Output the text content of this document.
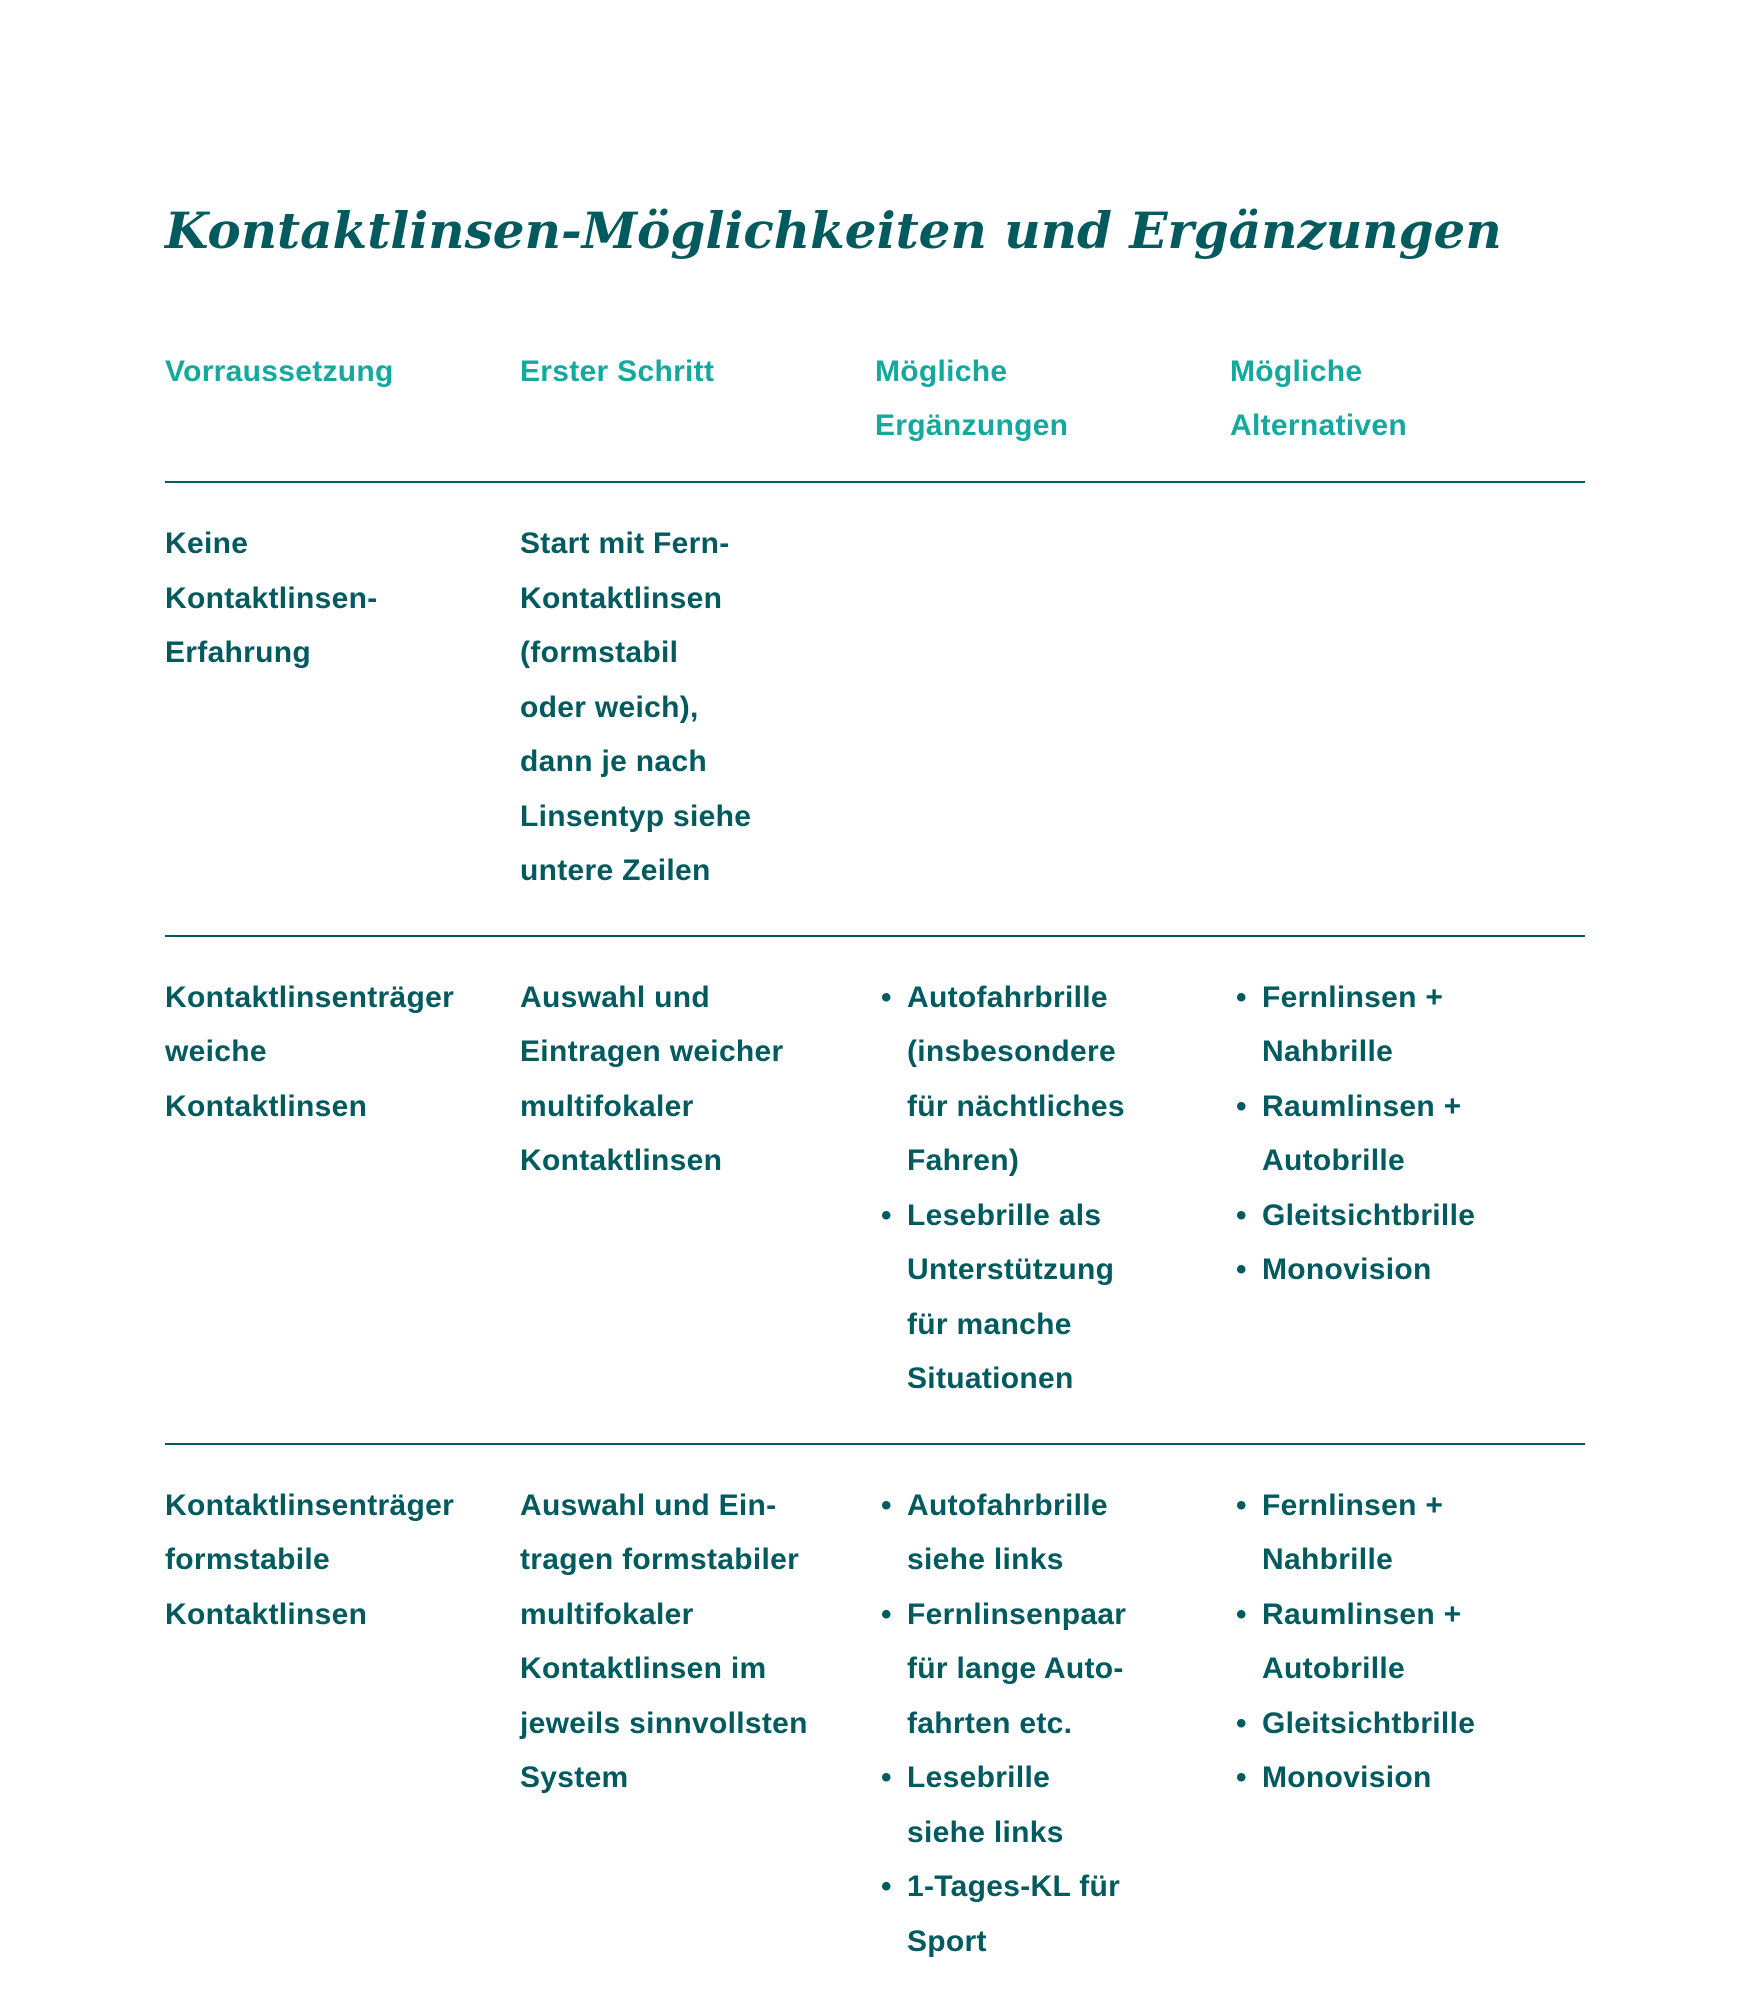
Kontaktlinsen-Möglichkeiten und Ergänzungen
Vorraussetzung	Erster Schritt	Mögliche
Ergänzungen
Mögliche
Alternativen
Keine
Kontaktlinsen-
Erfahrung
Start mit Fern-
Kontaktlinsen
(formstabil
oder weich),
dann je nach
Linsentyp siehe
untere Zeilen
Kontaktlinsenträger
weiche
Kontaktlinsen
Auswahl und
Eintragen weicher
multifokaler
Kontaktlinsen
• Autofahrbrille
(insbesondere
für nächtliches
Fahren)
• Lesebrille als
Unterstützung
für manche
Situationen
• Fernlinsen +
Nahbrille
• Raumlinsen +
Autobrille
• Gleitsichtbrille
• Monovision
Kontaktlinsenträger
formstabile
Kontaktlinsen
Auswahl und Ein-
tragen formstabiler
multifokaler
Kontaktlinsen im
jeweils sinnvollsten
System
• Autofahrbrille
siehe links
• Fernlinsenpaar
für lange Auto-
fahrten etc.
• Lesebrille
siehe links
• 1-Tages-KL für
Sport
• Fernlinsen +
Nahbrille
• Raumlinsen +
Autobrille
• Gleitsichtbrille
• Monovision
